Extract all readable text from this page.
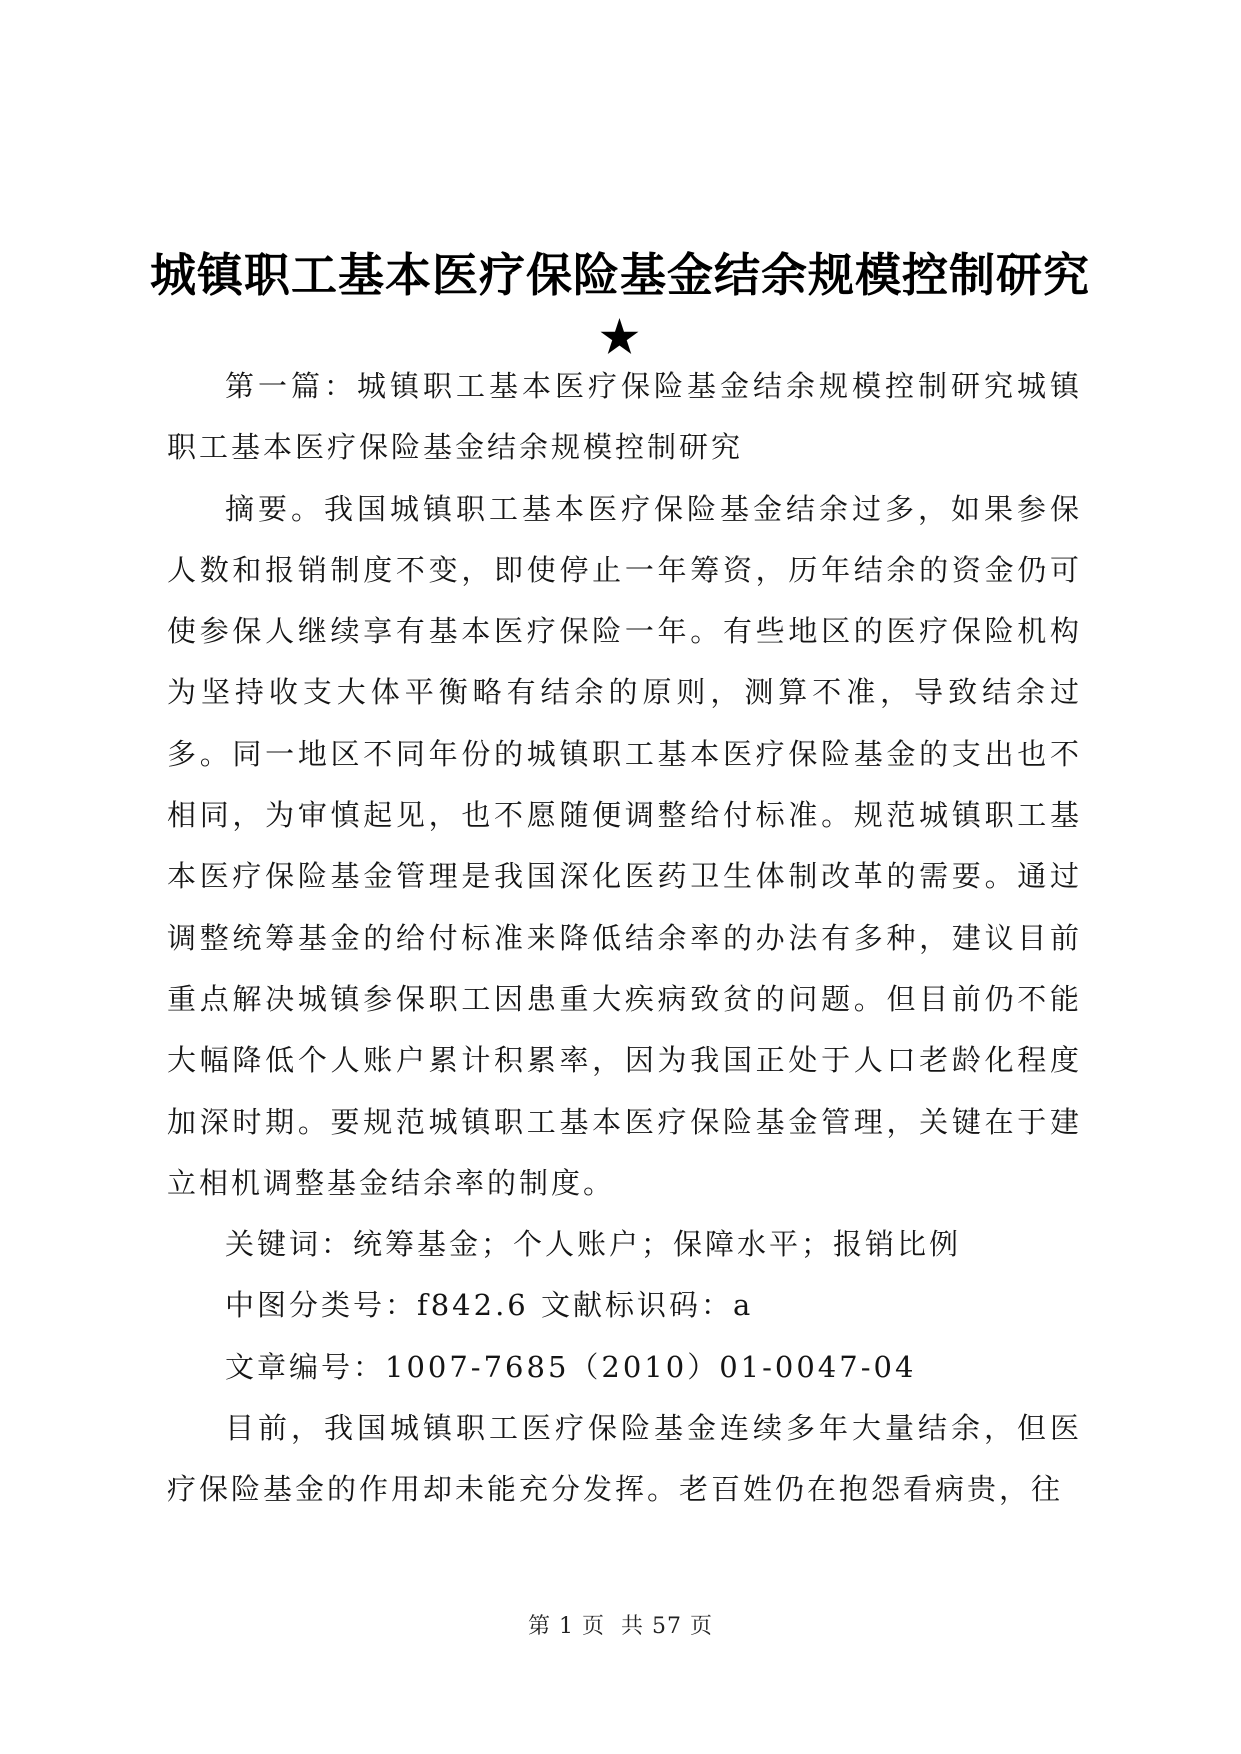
城镇职工基本医疗保险基金结余规模控制研究
★

第一篇：城镇职工基本医疗保险基金结余规模控制研究城镇职工基本医疗保险基金结余规模控制研究

摘要。我国城镇职工基本医疗保险基金结余过多，如果参保人数和报销制度不变，即使停止一年筹资，历年结余的资金仍可使参保人继续享有基本医疗保险一年。有些地区的医疗保险机构为坚持收支大体平衡略有结余的原则，测算不准，导致结余过多。同一地区不同年份的城镇职工基本医疗保险基金的支出也不相同，为审慎起见，也不愿随便调整给付标准。规范城镇职工基本医疗保险基金管理是我国深化医药卫生体制改革的需要。通过调整统筹基金的给付标准来降低结余率的办法有多种，建议目前重点解决城镇参保职工因患重大疾病致贫的问题。但目前仍不能大幅降低个人账户累计积累率，因为我国正处于人口老龄化程度加深时期。要规范城镇职工基本医疗保险基金管理，关键在于建立相机调整基金结余率的制度。

关键词：统筹基金；个人账户；保障水平；报销比例

中图分类号：f842.6 文献标识码：a

文章编号：1007-7685（2010）01-0047-04

目前，我国城镇职工医疗保险基金连续多年大量结余，但医疗保险基金的作用却未能充分发挥。老百姓仍在抱怨看病贵，往

第 1 页 共 57 页
